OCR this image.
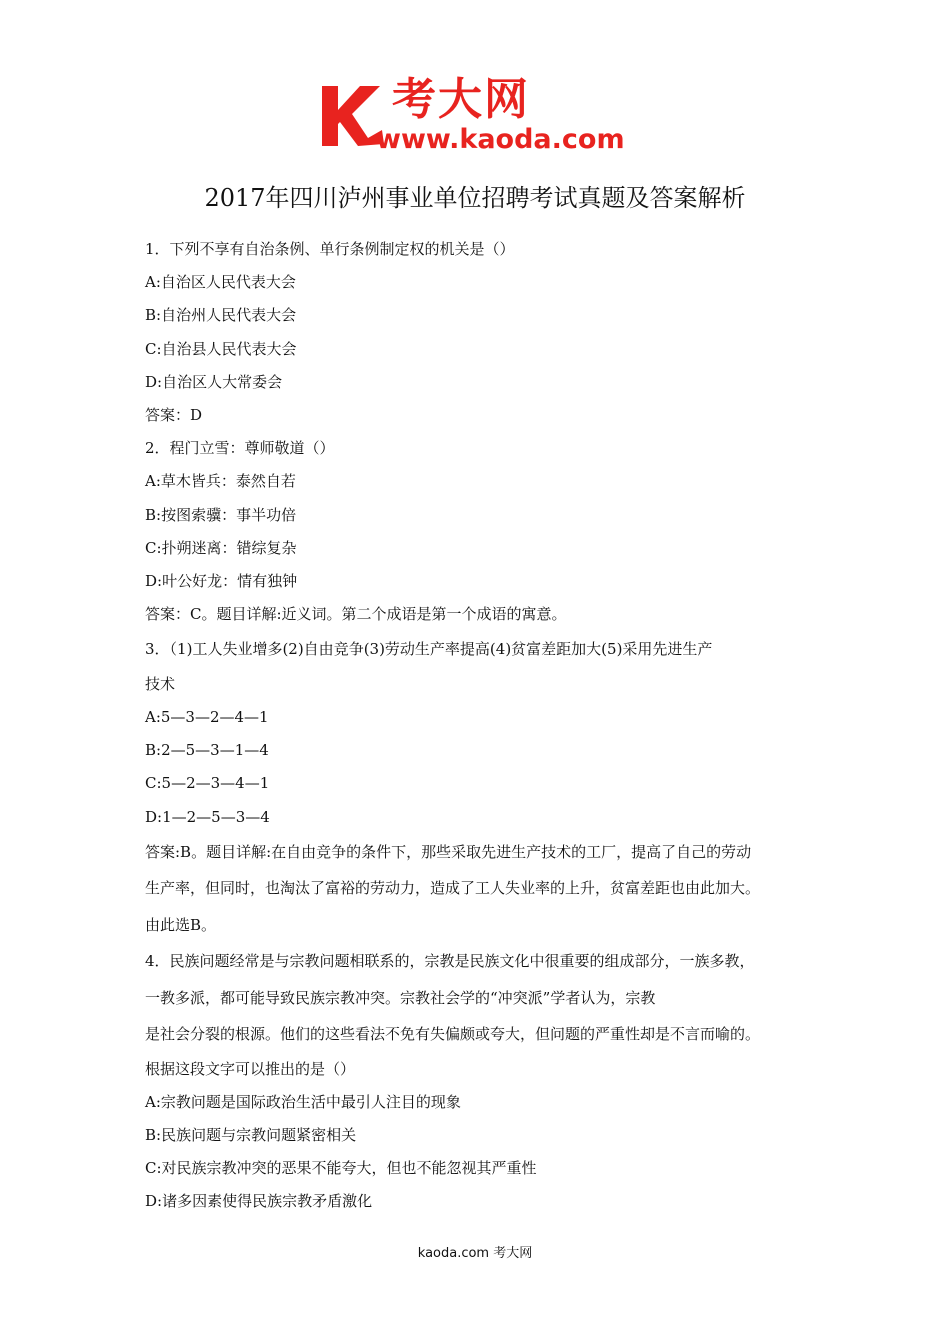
考大网
www.kaoda.com
2017年四川泸州事业单位招聘考试真题及答案解析
1．下列不享有自治条例、单行条例制定权的机关是（）
A:自治区人民代表大会
B:自治州人民代表大会
C:自治县人民代表大会
D:自治区人大常委会
答案：D
2．程门立雪：尊师敬道（）
A:草木皆兵：泰然自若
B:按图索骥：事半功倍
C:扑朔迷离：错综复杂
D:叶公好龙：情有独钟
答案：C。题目详解:近义词。第二个成语是第一个成语的寓意。
3．（1)工人失业增多(2)自由竞争(3)劳动生产率提高(4)贫富差距加大(5)采用先进生产
技术
A:5—3—2—4—1
B:2—5—3—1—4
C:5—2—3—4—1
D:1—2—5—3—4
答案:B。题目详解:在自由竞争的条件下，那些采取先进生产技术的工厂，提高了自己的劳动
生产率，但同时，也淘汰了富裕的劳动力，造成了工人失业率的上升，贫富差距也由此加大。
由此选B。
4．民族问题经常是与宗教问题相联系的，宗教是民族文化中很重要的组成部分，一族多教，
一教多派，都可能导致民族宗教冲突。宗教社会学的“冲突派”学者认为，宗教
是社会分裂的根源。他们的这些看法不免有失偏颇或夸大，但问题的严重性却是不言而喻的。
根据这段文字可以推出的是（）
A:宗教问题是国际政治生活中最引人注目的现象
B:民族问题与宗教问题紧密相关
C:对民族宗教冲突的恶果不能夸大，但也不能忽视其严重性
D:诸多因素使得民族宗教矛盾激化
kaoda.com 考大网
